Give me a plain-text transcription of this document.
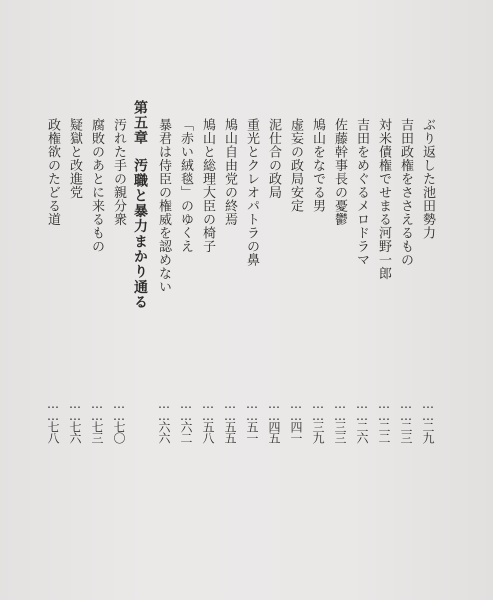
ぶり返した池田勢力
吉田政権をささえるもの
対米債権でせまる河野一郎
吉田をめぐるメロドラマ
佐藤幹事長の憂鬱
鳩山をなでる男
虚妄の政局安定
泥仕合の政局
重光とクレオパトラの鼻
鳩山自由党の終焉
鳩山と総理大臣の椅子
「赤い絨毯」のゆくえ
暴君は侍臣の権威を認めない
第五章汚職と暴力まかり通る
汚れた手の親分衆
腐敗のあとに来るもの
疑獄と改進党
政権欲のたどる道
……二九
……二三
……二二
……二六
……三三
……三九
……四一
……四五
……五一
……五五
……五八
……六二
……六六
……七〇
……七三
……七六
……七八
